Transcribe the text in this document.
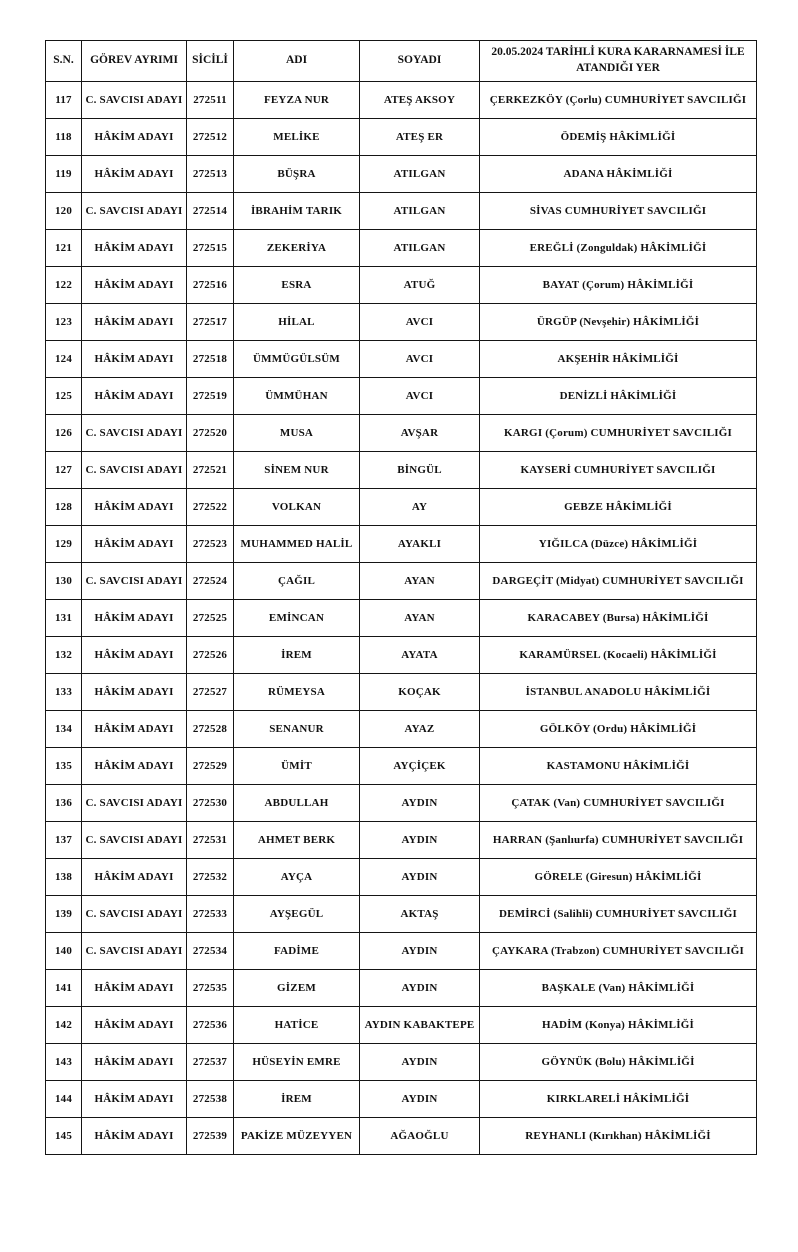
S.N.	GÖREV AYRIMI	SİCİLİ	ADI	SOYADI	20.05.2024 TARİHLİ KURA KARARNAMESİ İLE ATANDIĞI YER
117	C. SAVCISI ADAYI	272511	FEYZA NUR	ATEŞ AKSOY	ÇERKEZKÖY (Çorlu) CUMHURİYET SAVCILIĞI
118	HÂKİM ADAYI	272512	MELİKE	ATEŞ ER	ÖDEMİŞ HÂKİMLİĞİ
119	HÂKİM ADAYI	272513	BÜŞRA	ATILGAN	ADANA HÂKİMLİĞİ
120	C. SAVCISI ADAYI	272514	İBRAHİM TARIK	ATILGAN	SİVAS CUMHURİYET SAVCILIĞI
121	HÂKİM ADAYI	272515	ZEKERİYA	ATILGAN	EREĞLİ (Zonguldak) HÂKİMLİĞİ
122	HÂKİM ADAYI	272516	ESRA	ATUĞ	BAYAT (Çorum) HÂKİMLİĞİ
123	HÂKİM ADAYI	272517	HİLAL	AVCI	ÜRGÜP (Nevşehir) HÂKİMLİĞİ
124	HÂKİM ADAYI	272518	ÜMMÜGÜLSÜM	AVCI	AKŞEHİR HÂKİMLİĞİ
125	HÂKİM ADAYI	272519	ÜMMÜHAN	AVCI	DENİZLİ HÂKİMLİĞİ
126	C. SAVCISI ADAYI	272520	MUSA	AVŞAR	KARGI (Çorum) CUMHURİYET SAVCILIĞI
127	C. SAVCISI ADAYI	272521	SİNEM NUR	BİNGÜL	KAYSERİ CUMHURİYET SAVCILIĞI
128	HÂKİM ADAYI	272522	VOLKAN	AY	GEBZE HÂKİMLİĞİ
129	HÂKİM ADAYI	272523	MUHAMMED HALİL	AYAKLI	YIĞILCA (Düzce) HÂKİMLİĞİ
130	C. SAVCISI ADAYI	272524	ÇAĞIL	AYAN	DARGEÇİT (Midyat) CUMHURİYET SAVCILIĞI
131	HÂKİM ADAYI	272525	EMİNCAN	AYAN	KARACABEY (Bursa) HÂKİMLİĞİ
132	HÂKİM ADAYI	272526	İREM	AYATA	KARAMÜRSEL (Kocaeli) HÂKİMLİĞİ
133	HÂKİM ADAYI	272527	RÜMEYSA	KOÇAK	İSTANBUL ANADOLU HÂKİMLİĞİ
134	HÂKİM ADAYI	272528	SENANUR	AYAZ	GÖLKÖY (Ordu) HÂKİMLİĞİ
135	HÂKİM ADAYI	272529	ÜMİT	AYÇİÇEK	KASTAMONU HÂKİMLİĞİ
136	C. SAVCISI ADAYI	272530	ABDULLAH	AYDIN	ÇATAK (Van) CUMHURİYET SAVCILIĞI
137	C. SAVCISI ADAYI	272531	AHMET BERK	AYDIN	HARRAN (Şanlıurfa) CUMHURİYET SAVCILIĞI
138	HÂKİM ADAYI	272532	AYÇA	AYDIN	GÖRELE (Giresun) HÂKİMLİĞİ
139	C. SAVCISI ADAYI	272533	AYŞEGÜL	AKTAŞ	DEMİRCİ (Salihli) CUMHURİYET SAVCILIĞI
140	C. SAVCISI ADAYI	272534	FADİME	AYDIN	ÇAYKARA (Trabzon) CUMHURİYET SAVCILIĞI
141	HÂKİM ADAYI	272535	GİZEM	AYDIN	BAŞKALE (Van) HÂKİMLİĞİ
142	HÂKİM ADAYI	272536	HATİCE	AYDIN KABAKTEPE	HADİM (Konya) HÂKİMLİĞİ
143	HÂKİM ADAYI	272537	HÜSEYİN EMRE	AYDIN	GÖYNÜK (Bolu) HÂKİMLİĞİ
144	HÂKİM ADAYI	272538	İREM	AYDIN	KIRKLARELİ HÂKİMLİĞİ
145	HÂKİM ADAYI	272539	PAKİZE MÜZEYYEN	AĞAOĞLU	REYHANLI (Kırıkhan) HÂKİMLİĞİ
